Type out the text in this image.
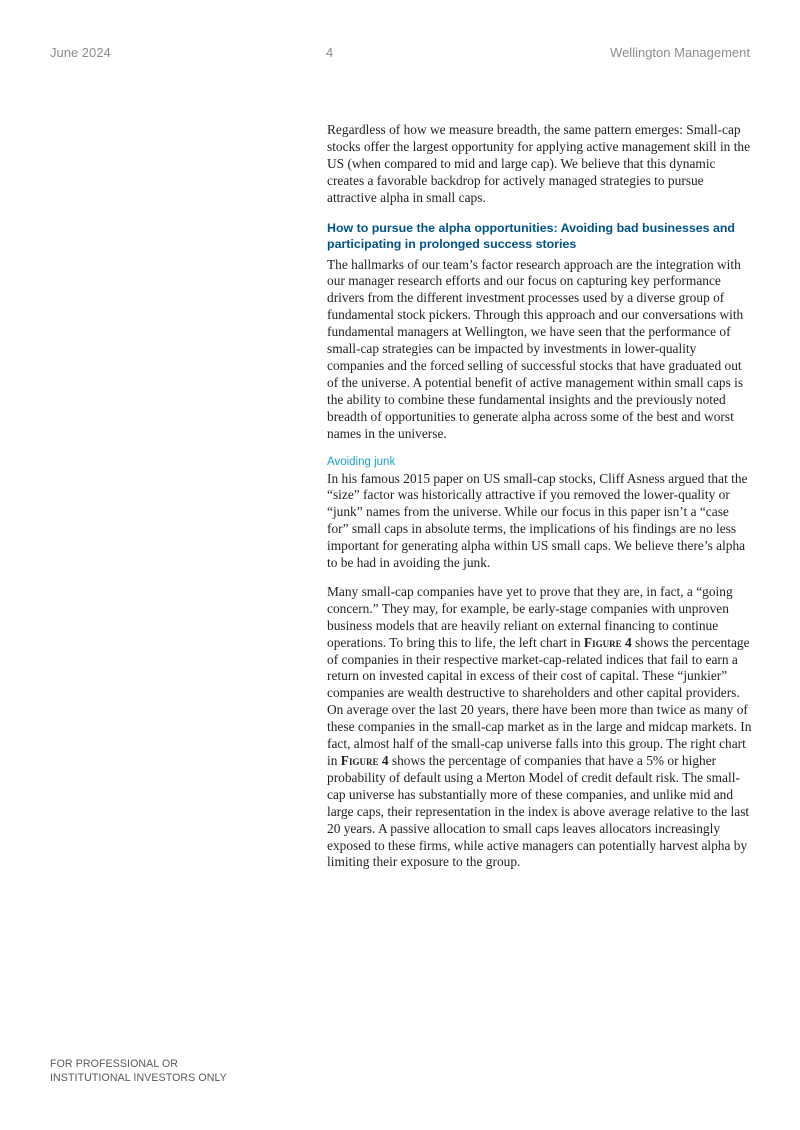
June 2024	4	Wellington Management

Regardless of how we measure breadth, the same pattern emerges: Small-cap stocks offer the largest opportunity for applying active management skill in the US (when compared to mid and large cap). We believe that this dynamic creates a favorable backdrop for actively managed strategies to pursue attractive alpha in small caps.

How to pursue the alpha opportunities: Avoiding bad businesses and participating in prolonged success stories

The hallmarks of our team’s factor research approach are the integration with our manager research efforts and our focus on capturing key performance drivers from the different investment processes used by a diverse group of fundamental stock pickers. Through this approach and our conversations with fundamental managers at Wellington, we have seen that the performance of small-cap strategies can be impacted by investments in lower-quality companies and the forced selling of successful stocks that have graduated out of the universe. A potential benefit of active management within small caps is the ability to combine these fundamental insights and the previously noted breadth of opportunities to generate alpha across some of the best and worst names in the universe.

Avoiding junk

In his famous 2015 paper on US small-cap stocks, Cliff Asness argued that the “size” factor was historically attractive if you removed the lower-quality or “junk” names from the universe. While our focus in this paper isn’t a “case for” small caps in absolute terms, the implications of his findings are no less important for generating alpha within US small caps. We believe there’s alpha to be had in avoiding the junk.

Many small-cap companies have yet to prove that they are, in fact, a “going concern.” They may, for example, be early-stage companies with unproven business models that are heavily reliant on external financing to continue operations. To bring this to life, the left chart in Figure 4 shows the percentage of companies in their respective market-cap-related indices that fail to earn a return on invested capital in excess of their cost of capital. These “junkier” companies are wealth destructive to shareholders and other capital providers. On average over the last 20 years, there have been more than twice as many of these companies in the small-cap market as in the large and midcap markets. In fact, almost half of the small-cap universe falls into this group. The right chart in Figure 4 shows the percentage of companies that have a 5% or higher probability of default using a Merton Model of credit default risk. The small-cap universe has substantially more of these companies, and unlike mid and large caps, their representation in the index is above average relative to the last 20 years. A passive allocation to small caps leaves allocators increasingly exposed to these firms, while active managers can potentially harvest alpha by limiting their exposure to the group.

FOR PROFESSIONAL OR
INSTITUTIONAL INVESTORS ONLY
